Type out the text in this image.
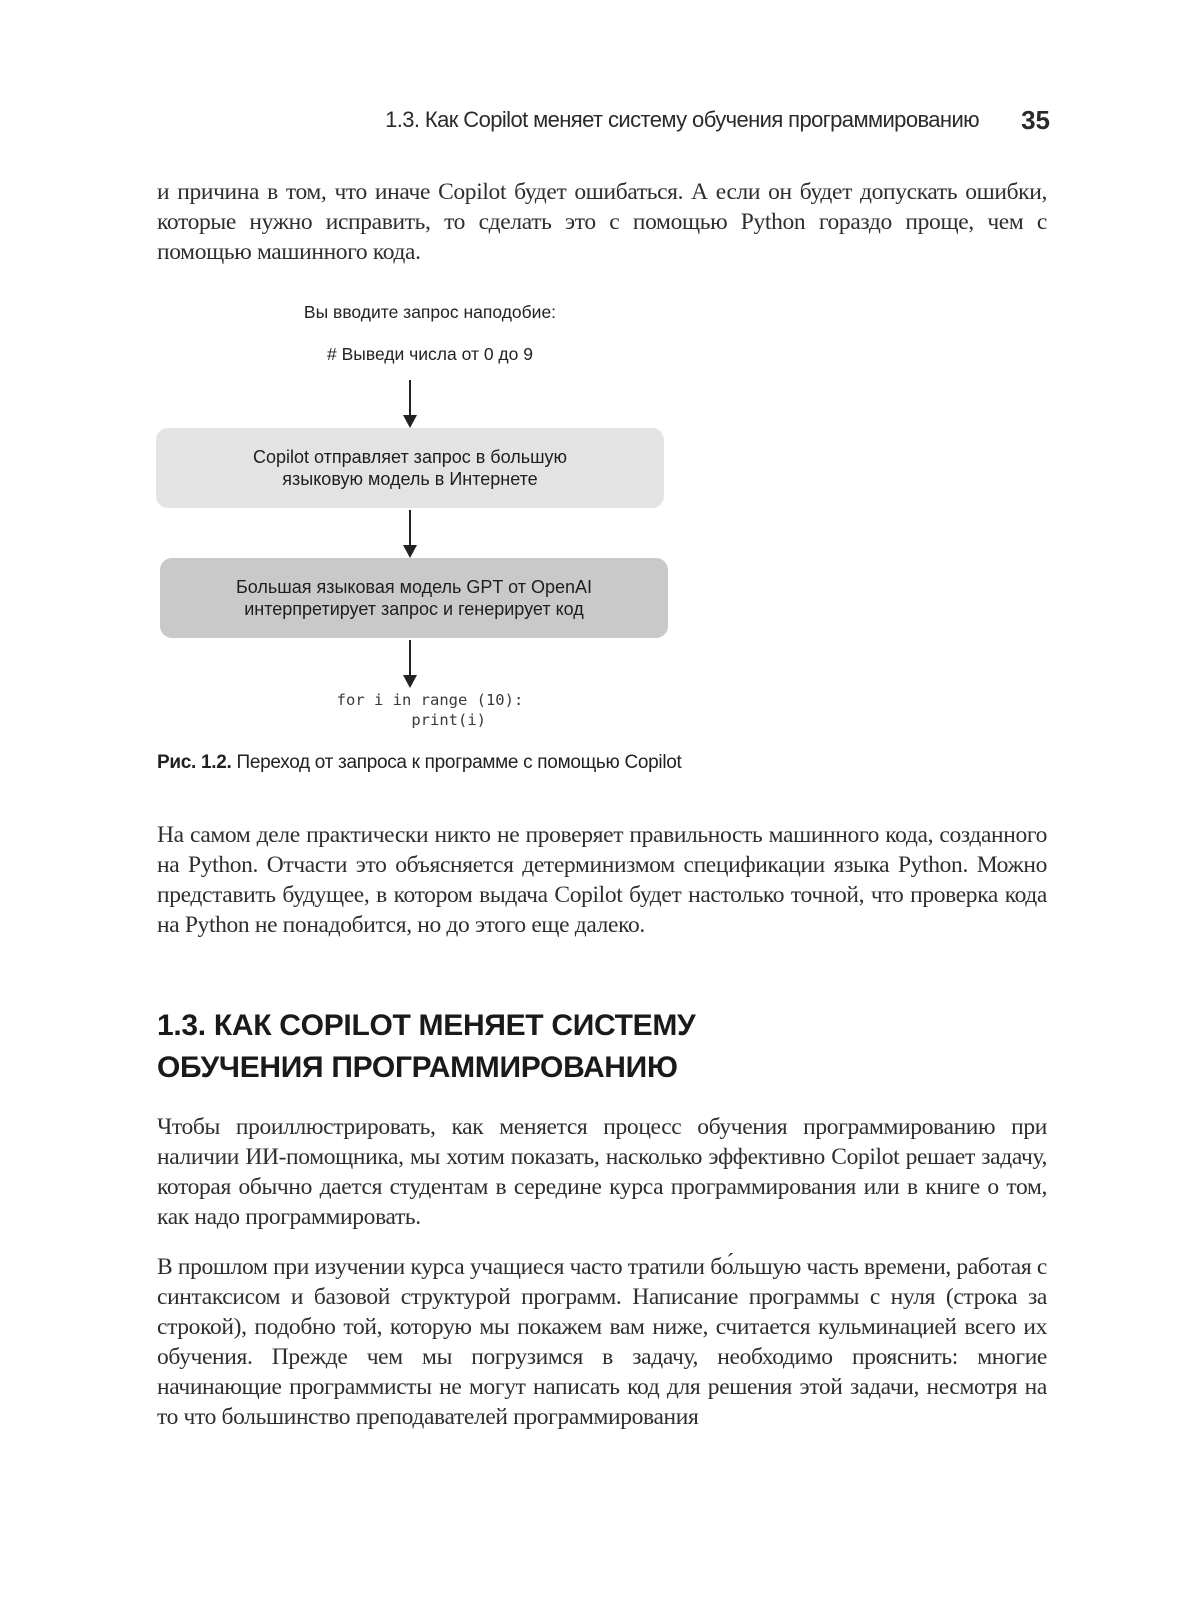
1.3. Как Copilot меняет систему обучения программированию 35

и причина в том, что иначе Copilot будет ошибаться. А если он будет допускать ошибки, которые нужно исправить, то сделать это с помощью Python гораздо проще, чем с помощью машинного кода.

Вы вводите запрос наподобие:
# Выведи числа от 0 до 9
Copilot отправляет запрос в большую
языковую модель в Интернете
Большая языковая модель GPT от OpenAI
интерпретирует запрос и генерирует код
for i in range (10):
print(i)
Рис. 1.2. Переход от запроса к программе с помощью Copilot

На самом деле практически никто не проверяет правильность машинного кода, созданного на Python. Отчасти это объясняется детерминизмом спецификации языка Python. Можно представить будущее, в котором выдача Copilot будет настолько точной, что проверка кода на Python не понадобится, но до этого еще далеко.

1.3. КАК COPILOT МЕНЯЕТ СИСТЕМУ
ОБУЧЕНИЯ ПРОГРАММИРОВАНИЮ

Чтобы проиллюстрировать, как меняется процесс обучения программированию при наличии ИИ-помощника, мы хотим показать, насколько эффективно Copilot решает задачу, которая обычно дается студентам в середине курса программирования или в книге о том, как надо программировать.

В прошлом при изучении курса учащиеся часто тратили бо́льшую часть времени, работая с синтаксисом и базовой структурой программ. Написание программы с нуля (строка за строкой), подобно той, которую мы покажем вам ниже, считается кульминацией всего их обучения. Прежде чем мы погрузимся в задачу, необходимо прояснить: многие начинающие программисты не могут написать код для решения этой задачи, несмотря на то что большинство преподавателей программирования
